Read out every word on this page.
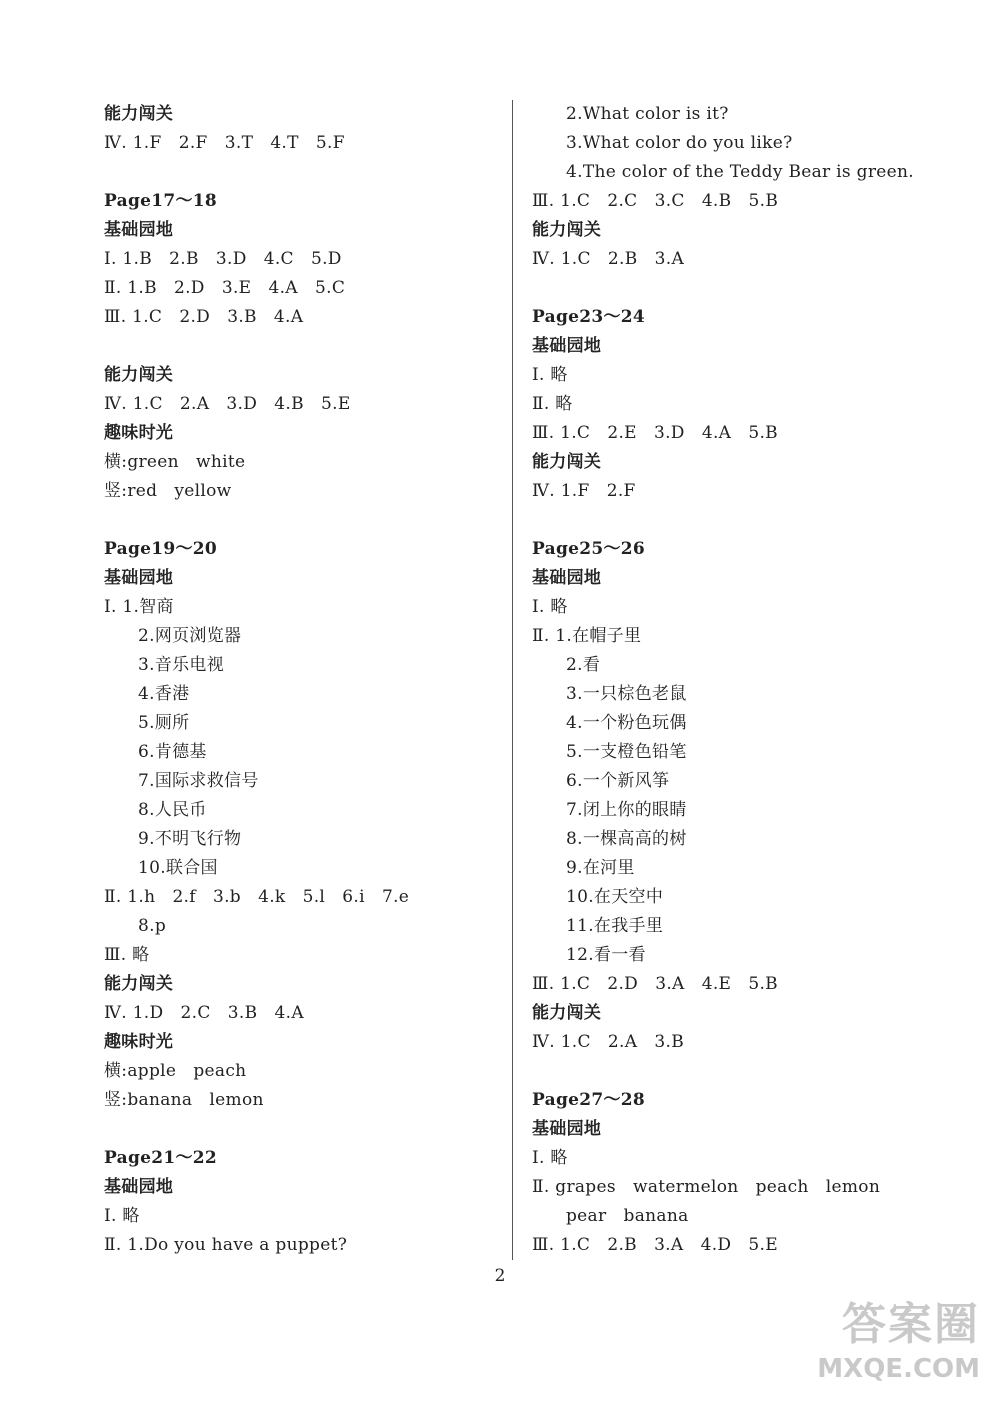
能力闯关
Ⅳ. 1.F   2.F   3.T   4.T   5.F
Page17～18
基础园地
Ⅰ. 1.B   2.B   3.D   4.C   5.D
Ⅱ. 1.B   2.D   3.E   4.A   5.C
Ⅲ. 1.C   2.D   3.B   4.A
能力闯关
Ⅳ. 1.C   2.A   3.D   4.B   5.E
趣味时光
横:green   white
竖:red   yellow
Page19～20
基础园地
Ⅰ. 1.智商
2.网页浏览器
3.音乐电视
4.香港
5.厕所
6.肯德基
7.国际求救信号
8.人民币
9.不明飞行物
10.联合国
Ⅱ. 1.h   2.f   3.b   4.k   5.l   6.i   7.e
8.p
Ⅲ. 略
能力闯关
Ⅳ. 1.D   2.C   3.B   4.A
趣味时光
横:apple   peach
竖:banana   lemon
Page21～22
基础园地
Ⅰ. 略
Ⅱ. 1.Do you have a puppet?
2.What color is it?
3.What color do you like?
4.The color of the Teddy Bear is green.
Ⅲ. 1.C   2.C   3.C   4.B   5.B
能力闯关
Ⅳ. 1.C   2.B   3.A
Page23～24
基础园地
Ⅰ. 略
Ⅱ. 略
Ⅲ. 1.C   2.E   3.D   4.A   5.B
能力闯关
Ⅳ. 1.F   2.F
Page25～26
基础园地
Ⅰ. 略
Ⅱ. 1.在帽子里
2.看
3.一只棕色老鼠
4.一个粉色玩偶
5.一支橙色铅笔
6.一个新风筝
7.闭上你的眼睛
8.一棵高高的树
9.在河里
10.在天空中
11.在我手里
12.看一看
Ⅲ. 1.C   2.D   3.A   4.E   5.B
能力闯关
Ⅳ. 1.C   2.A   3.B
Page27～28
基础园地
Ⅰ. 略
Ⅱ. grapes   watermelon   peach   lemon
pear   banana
Ⅲ. 1.C   2.B   3.A   4.D   5.E
2
答案圈
MXQE.COM
